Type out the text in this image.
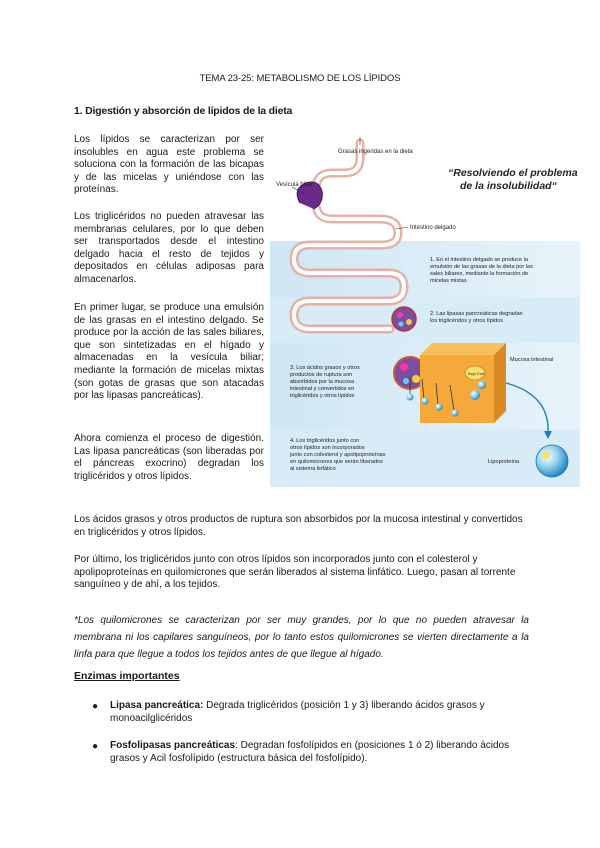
TEMA 23-25: METABOLISMO DE LOS LÍPIDOS
1. Digestión y absorción de lípidos de la dieta

Los lípidos se caracterizan por ser insolubles en agua este problema se soluciona con la formación de las bicapas y de las micelas y uniéndose con las proteínas.

Los triglicéridos no pueden atravesar las membranas celulares, por lo que deben ser transportados desde el intestino delgado hacia el resto de tejidos y depositados en células adiposas para almacenarlos.

En primer lugar, se produce una emulsión de las grasas en el intestino delgado. Se produce por la acción de las sales biliares, que son sintetizadas en el hígado y almacenadas en la vesícula biliar; mediante la formación de micelas mixtas (son gotas de grasas que son atacadas por las lipasas pancreáticas).

Ahora comienza el proceso de digestión. Las lipasa pancreáticas (son liberadas por el páncreas exocrino) degradan los triglicéridos y otros lípidos.

Los ácidos grasos y otros productos de ruptura son absorbidos por la mucosa intestinal y convertidos en triglicéridos y otros lípidos.

Por último, los triglicéridos junto con otros lípidos son incorporados junto con el colesterol y apolipoproteínas en quilomicrones que serán liberados al sistema linfático. Luego, pasan al torrente sanguíneo y de ahí, a los tejidos.

*Los quilomicrones se caracterizan por ser muy grandes, por lo que no pueden atravesar la membrana ni los capilares sanguíneos, por lo tanto estos quilomicrones se vierten directamente a la linfa para que llegue a todos los tejidos antes de que llegue al hígado.

Grasas ingeridas en la dieta
“Resolviendo el problema
de la insolubilidad“
Vesícula biliar
Intestino delgado
1. En el intestino delgado se produce la
emulsión de las grasas de la dieta por las
sales biliares, mediante la formación de
micelas mixtas
2. Las lipasas pancreáticas degradan
los triglicéridos y otros lípidos
3. Los ácidos grasos y otros
productos de ruptura son
absorbidos por la mucosa
intestinal y convertidos en
triglicéridos y otros lípidos
Mucosa intestinal
Acyl-CoA
4. Los triglicéridos junto con
otros lípidos son incorporados
junto con colesterol y apolipoproteínas
en quilomicrones que serán liberados
al sistema linfático
Lipoproteína
Enzimas importantes
● Lipasa pancreática: Degrada triglicéridos (posición 1 y 3) liberando ácidos grasos y monoacilglicéridos
● Fosfolipasas pancreáticas: Degradan fosfolípidos en (posiciones 1 ó 2) liberando ácidos grasos y Acil fosfolípido (estructura básica del fosfolípido).
